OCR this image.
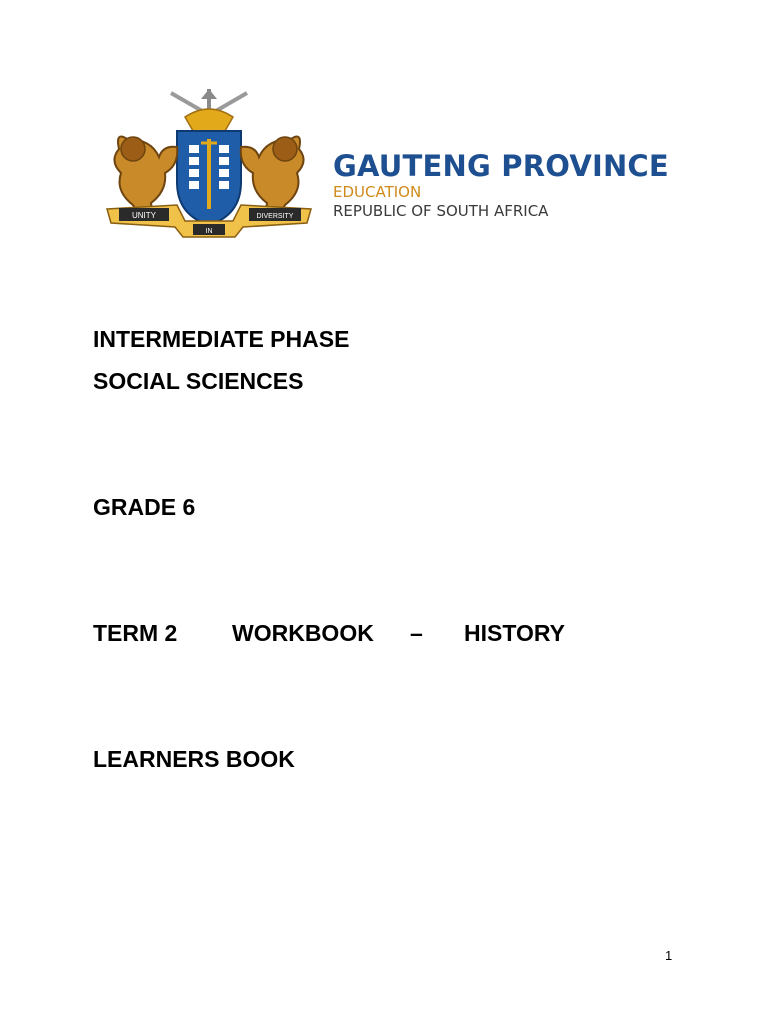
UNITY
IN
DIVERSITY

GAUTENG PROVINCE

EDUCATION

REPUBLIC OF SOUTH AFRICA

INTERMEDIATE PHASE

SOCIAL SCIENCES

GRADE 6

TERM 2 WORKBOOK – HISTORY

LEARNERS BOOK

1
